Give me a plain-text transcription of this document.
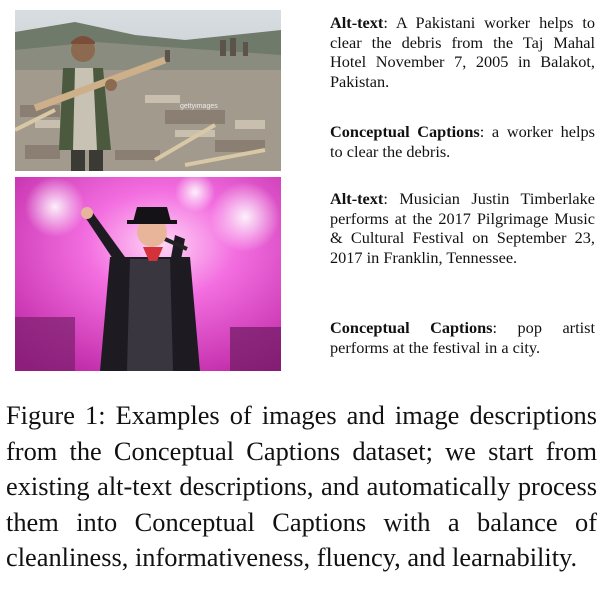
gettyimages
Alt-text: A Pakistani worker helps to clear the debris from the Taj Mahal Hotel November 7, 2005 in Balakot, Pakistan.
Conceptual Captions: a worker helps to clear the debris.
Alt-text: Musician Justin Timberlake performs at the 2017 Pilgrimage Music & Cultural Festival on September 23, 2017 in Franklin, Tennessee.
Conceptual Captions: pop artist performs at the festival in a city.
Figure 1: Examples of images and image descriptions from the Conceptual Captions dataset; we start from existing alt-text descriptions, and automatically process them into Conceptual Captions with a balance of cleanliness, informativeness, fluency, and learnability.
